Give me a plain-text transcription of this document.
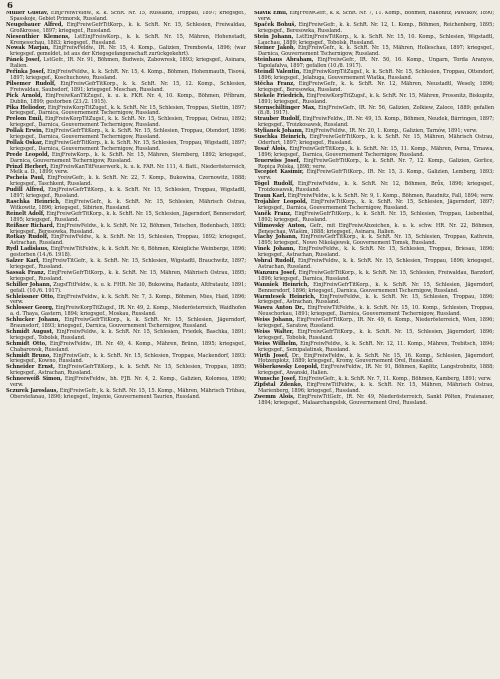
6

Müller Gustav, EinjFreiwFeldw., k. k. SchR. Nr. 15, Russland, Troppau, 1897; kriegsgef., Spasskoje, Gebiet Primorsk, Russland.

Neugebauer Alfred, EinjFreiwGefrTitKorp., k. k. SchR. Nr. 15, Schlesien, Freiwaldau, Großkrosse, 1897; kriegsgef., Russland.

Niesenthier Klemens, LstEinjFreiwKorp., k. k. SchR. Nr. 15, Mähren, Hohenstadt, Kremesschau, 1883; kriegsgef., Russland.

Nowak Marjan, EinjFreiwFeldw., IR. Nr. 15, 4. Komp., Galizien, Trembowla, 1896; (war kriegsgef. gemeldet, ist aus der Kriegsgefangenschaft zurückgekehrt).

Pánek Josef, LstGefr., IR. Nr. 91, Böhmen, Budweis, Zabowresk, 1893; kriegsgef., Asinara, Italien.

Peřinka Josef, EinjFreiwFeldw., k. k. SchR. Nr. 15, 4. Komp., Böhmen, Hohenmauth, Tisová, 1897; kriegsgef., Koschuchowo, Russland.

Pilsemer Rudolf, EinjFreiwGefrTitKorp., k. k. SchR. Nr. 15, 12. Komp., Schlesien, Freiwaldau, Saubsdorf, 1891; kriegsgef. Meschan, Russland.

Pick Arnold, EinjFreiwKanTitZugsf., k. u. k. FKR. Nr. 4, 10. Komp., Böhmen, Příbram, Dublin, 1899; gestorben (23./2. 1915).

Pika Heliodor, EinjFreiwKorpTitZugsf., k. k. SchR. Nr. 15, Schlesien, Troppau, Stettin, 1897; kriegsgef., Darnica, Gouvernement Tschernigow, Russland.

Prelom Emil, EinjFreiwKorpTitZugsf., k. k. SchR. Nr. 15, Schlesien, Troppau, Ostrau, 1892; kriegsgef., Darnica, Gouvernement Tschernigow, Russland.

Pollak Erwin, EinjFreiwGefrTitKorp., k. k. SchR. Nr. 15, Schlesien, Troppau, Otendorf, 1896; kriegsgef., Darnica, Gouvernement Tschernigow, Russland.

Pollak Oskar, EinjFreiwGefrTitKorp., k. k. SchR. Nr. 15, Schlesien, Troppau, Wigstadtl, 1897; kriegsgef., Darnica, Gouvernement Tschernigow, Russland.

Prede Leopold, EinjFreiwKorp., k. k. SchR. Nr. 15, Mähren, Sternberg, 1892; kriegsgef., Darnica, Gouvernement Tschernigow, Russland.

Prinzl Herbert, EinjFreiwKanTitFeuerwerk., k. u. k. FAR. Nr. 111, 4. Batt., Niederösterreich, Melk a. D., 1899; verw.

Pscheia Paul, EinjFreiwGefr., k. k. SchR. Nr. 22, 7. Komp., Bukowina, Czernowitz, 1888; kriegsgef., Taschkent, Russland.

Pudill Alfred, EinjFreiwGefrTitKorp., k. k. SchR. Nr. 15, Schlesien, Troppau, Wigstadtl, 1897; kriegsgef., Russland.

Raschka Heinrich, EinjFreiwGefr., k. k. SchR. Nr. 15, Schlesien, Mährisch Ostrau, Witkowitz, 1896; kriegsgef., Sibirien, Russland.

Reinelt Adolf, EinjFreiwGefrTitKorp., k. k. SchR. Nr. 15, Schlesien, Jägerndorf, Bennersdorf, 1895; kriegsgef., Russland.

Reißner Richard, EinjFreiwFeldw., k. k. SchR. Nr. 12, Böhmen, Tetschen, Bodenbach, 1893; kriegsgef., Beresowka, Russland.

Rotkay Rudolf, EinjFreiwFeldw., k. k. SchR. Nr. 15, Schlesien, Troppau, 1892; kriegsgef., Astrachan, Russland.

Rydl Ladislaus, EinjFreiwTitFeldw., k. k. SchR. Nr. 6, Böhmen, Königliche Weinberge, 1896; gestorben (14./6. 1918).

Salzer Karl, EinjFreiwTitGefr., k. k. SchR. Nr. 15, Schlesien, Wigstadtl, Brauchwitz, 1897; kriegsgef., Russland.

Sassak Franz, EinjFreiwGefrTitKorp., k. k. SchR. Nr. 15, Mähren, Mährisch Ostrau, 1895; kriegsgef., Russland.

Schiller Johann, ZugsfTitFeldw., k. u. k. FHR. Nr. 30, Bukowina, Radautz, Altfratautz, 1891; gefall. (10./6. 1917).

Schleissner Otto, EinjFreiwFeldw., k. k. SchR. Nr. 7, 3. Komp., Böhmen, Mies, Haid, 1896; verw.

Schlosser Georg, EinjFreiwKorpTitZugsf., IR. Nr. 49, 2. Komp., Niederösterreich, Waidhofen a. d. Thaya, Gastern, 1894; kriegsgef., Moskau, Russland.

Schlucker Johann, EinjFreiwGefrTitKorp., k. k. SchR. Nr. 15, Schlesien, Jägerndorf, Braunsdorf, 1893; kriegsgef., Darnica, Gouvernement Tschernigow, Russland.

Schmidt August, EinjFreiwFeldw., k. k. SchR. Nr. 15, Schlesien, Friedek, Baschka, 1891; kriegsgef., Tobolsk, Russland.

Schmidt Otto, EinjFreiwFeldw., IR. Nr. 49, 4. Komp., Mähren, Brünn, 1895; kriegsgef., Chabarowsk, Russland.

Schmidt Bruno, EinjFreiwGefr., k. k. SchR. Nr. 15, Schlesien, Troppau, Mackendorf, 1893; kriegsgef., Kowno, Russland.

Schneider Ernst, EinjFreiwGefrTitKorp., k. k. SchR. Nr. 15, Schlesien, Troppau, 1895; kriegsgef., Astrachan, Russland.

Schneeweiß Simon, EinjFreiwFeldw., bh. FJB. Nr. 4, 2. Komp., Galizien, Kolomea, 1890; verw.

Sczurek Jaroslaus, EinjFreiwGefr., k. k. SchR. Nr. 15, 15. Komp., Mähren, Mährisch Trübau, Oberstefanau, 1896; kriegsgef., Imjenie, Gouvernement Taurien, Russland.

Slavik Emil, EinjFreiwGefr., k. k. SchR. Nr. 7, 11. Komp., Böhmen, Rakonitz, Pawlikov, 1890; verw.

Spaček Bohuš, EinjFreiwGefr., k. k. SchR. Nr. 12, 1. Komp., Böhmen, Reichenberg, 1895; kriegsgef., Beresowka, Russland.

Stein Johann, LstEinjFreiwTitKorp., k. k. SchR. Nr. 15, 10. Komp., Schlesien, Wigstadtl, Lauchau, 1889; kriegsgef., Tobolsk, Russland.

Steiner Jakob, EinjFreiwGefr., k. k. SchR. Nr. 15, Mähren, Holleschau, 1897; kriegsgef., Darnica, Gouvernement Tschernigow, Russland.

Steinhaus Abraham, EinjFreiwGefr., IR. Nr. 50, 16. Komp., Ungarn, Torda Aranyos, Tapolafalva, 1897; gefallen (10./8. 1917).

Steindl Valentin, EinjFreiwKorpTitZugsf., k. k. SchR. Nr. 15, Schlesien, Troppau, Ottendorf, 1896; kriegsgef., Jelabuga, Gouvernement Wiatka, Russland.

Stěcha Franz, EinjFreiwGefr., k. k. SchR. Nr. 12, Mähren, Neustadtl, Wesely, 1896; kriegsgef., Beresowka, Russland.

Stekele Friedrich, EinjFreiwKorpTitZugsf., k. k. SchR. Nr. 15, Mähren, Prossnitz, Biskupitz, 1891; kriegsgef., Russland.

Sternschiltinger Max, EinjFreiwGefr., IR. Nr. 56, Galizien, Zolkiew, Zaloce, 1889; gefallen (8./8. 1917).

Strauber Rudolf, EinjFreiwFeldw., IR. Nr. 49, 15. Komp., Böhmen, Neudek, Bärringen, 1897; kriegsgef., Troizkosawsk, Russland.

Stylianek Johann, EinjFreiwFeldw., IR. Nr. 20, 1. Komp., Galizien, Tarnów, 1891; verw.

Suschka Heinrich, EinjFreiwGefrTitKorp., k. k. SchR. Nr. 15, Mähren, Mährisch Ostrau, Oderfurt, 1897; kriegsgef., Russland.

Tesař Alois, EinjFreiwGefrTitKorp., k. k. SchR. Nr. 15, 11. Komp., Mähren, Perna, Trnawa, 1896; kriegsgef., Darnica, Gouvernement Tschernigow, Russland.

Teuerwiss Josef, EinjFreiwGefrTitKorp., k. k. SchR. Nr. 7, 12. Komp., Galizien, Gorlice, Ropica Polska, 1898; verw.

Tscepiet Kasimir, EinjFreiwGefrTitKorp., IR. Nr. 15, 3. Komp., Galizien, Lemberg, 1893; verw.

Tögel Rudolf, EinjFreiwFeldw., k. k. SchR. Nr. 12, Böhmen, Brůx, 1896; kriegsgef., Troizkosawsk, Russland.

Traun Karl, EinjFreiwFeldw., k. k. SchR. Nr. 9, 1. Komp., Böhmen, Raudnitz, Fall, 1894; verw.

Trojahler Leopold, EinjFreiwTitKorp., k. k. SchR. Nr. 15, Schlesien, Jägerndorf, 1897; kriegsgef., Darnica, Gouvernement Tschernigow, Russland.

Vaněk Franz, EinjFreiwGefrTitKorp., k. k. SchR. Nr. 15, Schlesien, Troppau, Liebenthal, 1892; kriegsgef., Russland.

Vilimovský Anton, Gefr., mit EinjFreiwAbzeichen, k. u. k. schw. HR. Nr. 22, Böhmen, Beneschau, Wlašim, 1888; kriegsgef., Asinara, Italien.

Vlachý Johann, EinjFreiwGefrTitKorp., k. k. SchR. Nr. 15, Schlesien, Troppau, Kathrein, 1895; kriegsgef., Nowo Nikolajewsk, Gouvernement Tomsk, Russland.

Vinek Johann, EinjFreiwFeldw., k. k. SchR. Nr. 15, Schlesien, Troppau, Briesau, 1896; kriegsgef., Astrachan, Russland.

Vohral Rudolf, EinjFreiwFeldw., k. k. SchR. Nr. 15, Schlesien, Troppau, 1896; kriegsgef., Astrachan, Russland.

Wanzura Josef, EinjFreiwGefrTitKorp., k. k. SchR. Nr. 15, Schlesien, Freiwaldau, Barzdorf, 1896; kriegsgef., Darnica, Russland.

Wanniek Heinrich, EinjFreiwGefrTitKorp., k. k. SchR. Nr. 15, Schlesien, Jägerndorf, Bennersdorf, 1896; kriegsgef., Darnica, Gouvernement Tschernigow, Russland.

Warmtesek Heinrich, EinjFreiwFeldw., k. k. SchR. Nr. 15, Schlesien, Troppau, 1896; kriegsgef., Astrachan, Russland.

Wawra Anton Dr., EinjFreiwTitFeldw., k. k. SchR. Nr. 15, 10. Komp., Schlesien, Troppau, Neuschorkau, 1891; kriegsgef., Darnica, Gouvernement Tschernigow, Russland.

Weiss Johann, EinjFreiwGefrTitKorp., IR. Nr. 49, 6. Komp., Niederösterreich, Wien, 1896; kriegsgef., Saratow, Russland.

Weiss Walter, EinjFreiwGefrTitKorp., k. k. SchR. Nr. 15, Schlesien, Jägerndorf, 1896; kriegsgef., Tobolsk, Russland.

Weiss Wilhelm, EinjFreiwFeldw., k. k. SchR. Nr. 12, 11. Komp., Mähren, Trebitsch, 1894; kriegsgef., Semipalatinsk, Russland.

Wirth Josef, Dr., EinjFreiwFeldw., k. k. SchR. Nr. 15, 16. Komp., Schlesien, Jägerndorf, Hotzenplotz, 1889; kriegsgef., Kromy, Gouvernement Orel, Russland.

Wöberkowsky Leopold, EinjFreiwFeldw., IR. Nr. 91, Böhmen, Kaplitz, Langstrobnitz, 1888; kriegsgef., Awanski, Italien.

Wunsche Josef, EinjFreiwGefr., k. k. SchR. Nr. 7, 11. Komp., Böhmen, Kamberg, 1891; verw.

Zipfstal Zdenko, EinjFreiwTitFeldw., k. k. SchR. Nr. 15, Mähren, Mährisch Ostrau, Marienberg, 1896; kriegsgef., Russland.

Zwemm Alois, EinjFreiwTitGefr., IR. Nr. 49, Niederösterreich, Sankt Pölten, Fraisnauer, 1894; kriegsgef., Malaarchangelsk, Gouvernement Orel, Russland.
